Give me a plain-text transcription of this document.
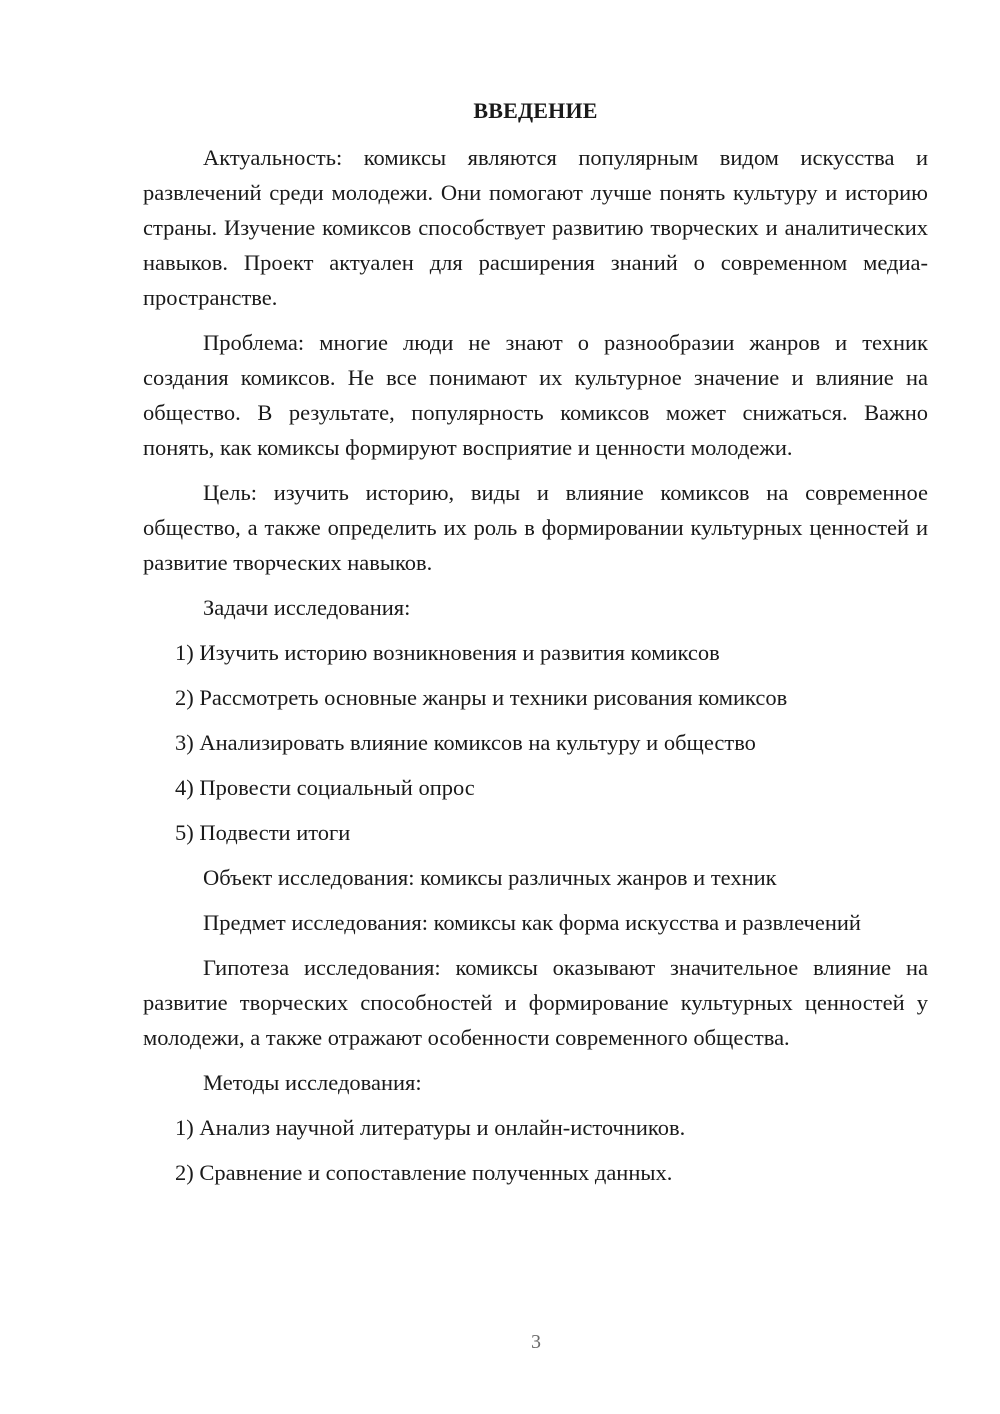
ВВЕДЕНИЕ

Актуальность: комиксы являются популярным видом искусства и развлечений среди молодежи. Они помогают лучше понять культуру и историю страны. Изучение комиксов способствует развитию творческих и аналитических навыков. Проект актуален для расширения знаний о современном медиа-пространстве.

Проблема: многие люди не знают о разнообразии жанров и техник создания комиксов. Не все понимают их культурное значение и влияние на общество. В результате, популярность комиксов может снижаться. Важно понять, как комиксы формируют восприятие и ценности молодежи.

Цель: изучить историю, виды и влияние комиксов на современное общество, а также определить их роль в формировании культурных ценностей и развитие творческих навыков.

Задачи исследования:

1) Изучить историю возникновения и развития комиксов

2) Рассмотреть основные жанры и техники рисования комиксов

3) Анализировать влияние комиксов на культуру и общество

4) Провести социальный опрос

5) Подвести итоги

Объект исследования: комиксы различных жанров и техник

Предмет исследования: комиксы как форма искусства и развлечений

Гипотеза исследования: комиксы оказывают значительное влияние на развитие творческих способностей и формирование культурных ценностей у молодежи, а также отражают особенности современного общества.

Методы исследования:

1) Анализ научной литературы и онлайн-источников.

2) Сравнение и сопоставление полученных данных.

3
